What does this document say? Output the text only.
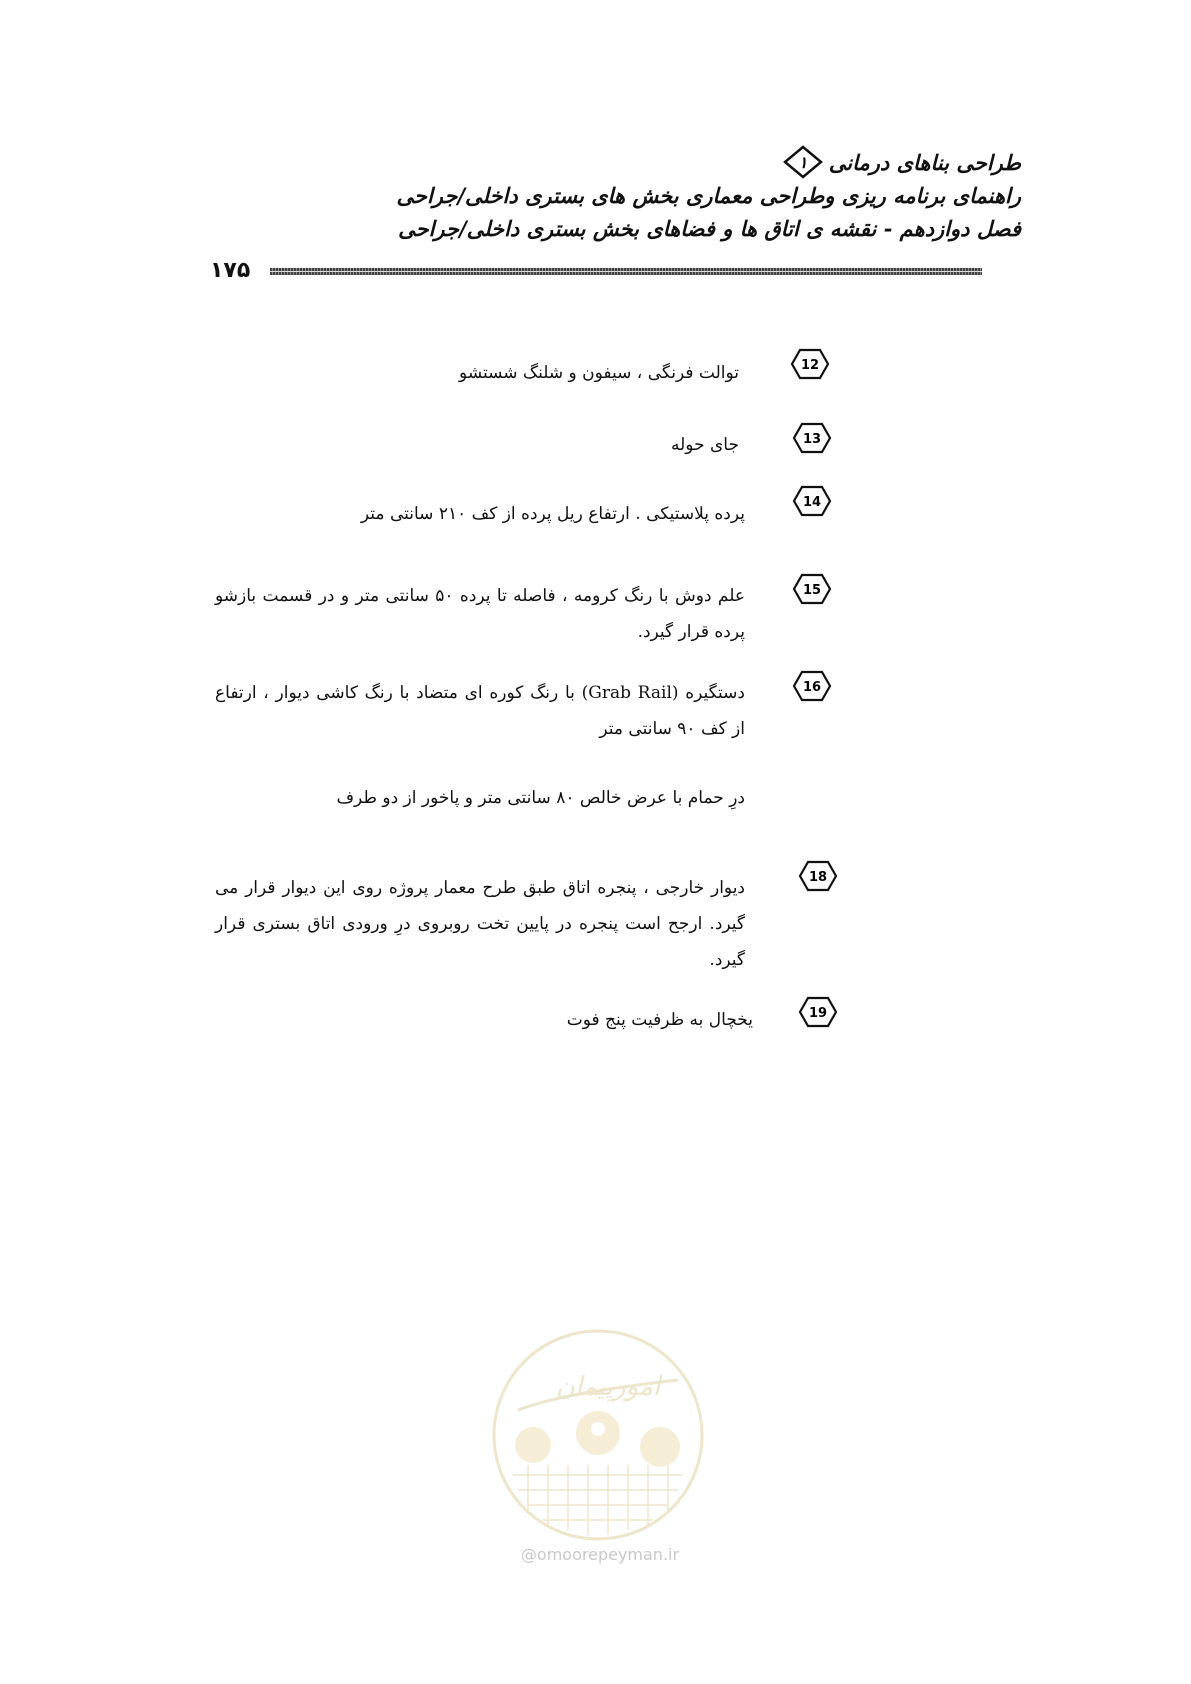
طراحی بناهای درمانی
۱
راهنمای برنامه ریزی وطراحی معماری بخش های بستری داخلی/جراحی
فصل دوازدهم - نقشه ی اتاق ها و فضاهای بخش بستری داخلی/جراحی
۱۷۵
12
توالت فرنگی ، سیفون و شلنگ شستشو
13
جای حوله
14
پرده پلاستیکی . ارتفاع ریل پرده از کف ۲۱۰ سانتی متر
15
علم دوش با رنگ کرومه ، فاصله تا پرده ۵۰ سانتی متر و در قسمت بازشو پرده قرار گیرد.
16
دستگیره (Grab Rail) با رنگ کوره ای متضاد با رنگ کاشی دیوار ، ارتفاع از کف ۹۰ سانتی متر
درِ حمام با عرض خالص ۸۰ سانتی متر و پاخور از دو طرف
18
دیوار خارجی ، پنجره اتاق طبق طرح معمار پروژه روی این دیوار قرار می گیرد. ارجح است پنجره در پایین تخت روبروی درِ ورودی اتاق بستری قرار گیرد.
19
یخچال به ظرفیت پنج فوت
امورپیمان
@omoorepeyman.ir
